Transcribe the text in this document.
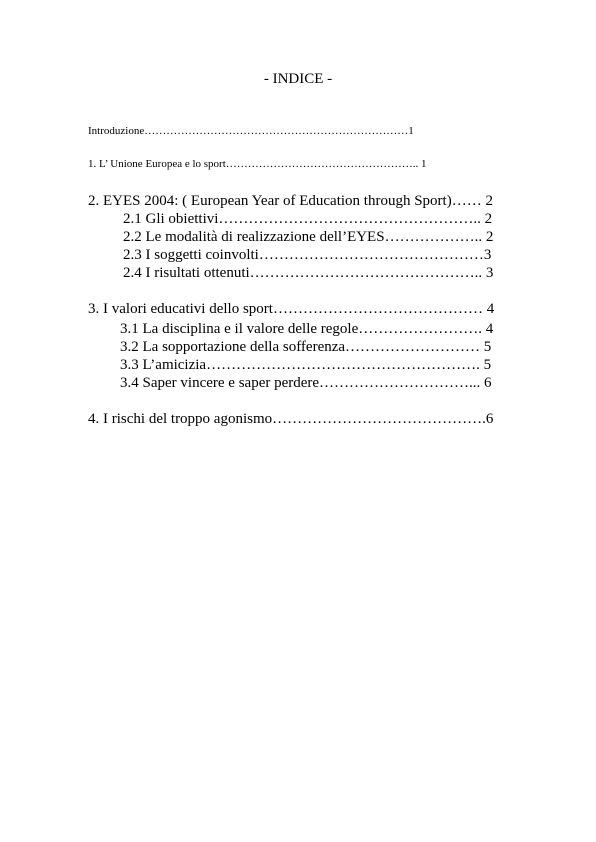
- INDICE -
Introduzione………………………………………………………………1
1. L’ Unione Europea e lo sport…………………………………………….. 1
2. EYES 2004: ( European Year of Education through Sport)…… 2
2.1 Gli obiettivi…………………………………………….. 2
2.2 Le modalità di realizzazione dell’EYES……………….. 2
2.3 I soggetti coinvolti………………………………………3
2.4 I risultati ottenuti……………………………………….. 3
3. I valori educativi dello sport…………………………………… 4
3.1 La disciplina e il valore delle regole……………………. 4
3.2 La sopportazione della sofferenza……………………… 5
3.3 L’amicizia………………………………………………. 5
3.4 Saper vincere e saper perdere…………………………... 6
4. I rischi del troppo agonismo…………………………………….6
